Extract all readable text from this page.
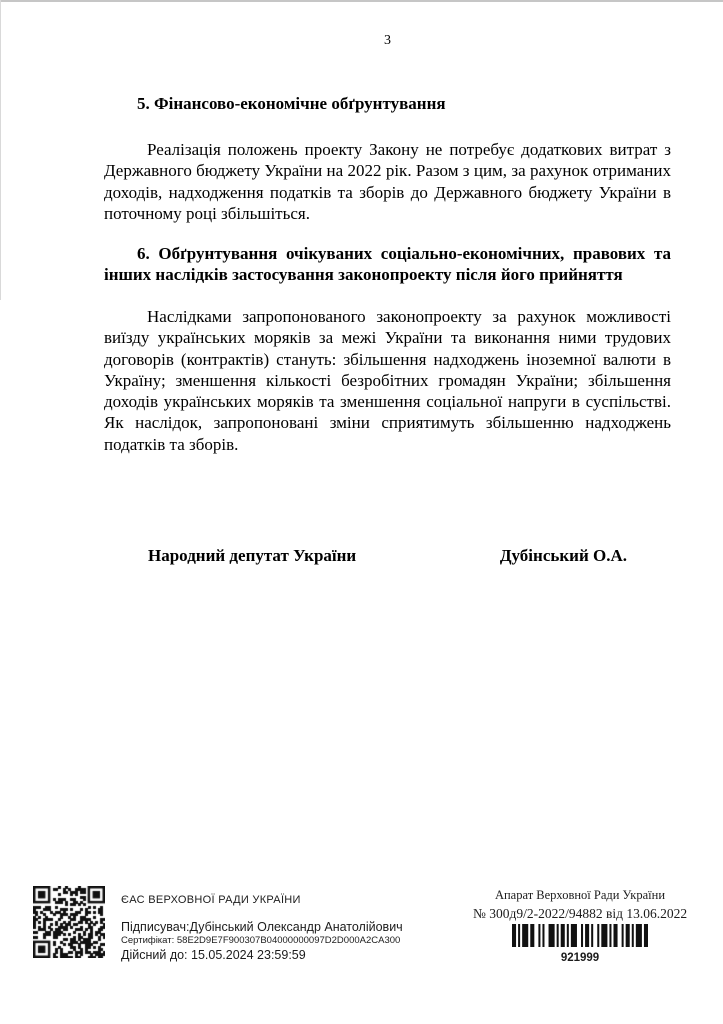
3
5. Фінансово-економічне обґрунтування
Реалізація положень проекту Закону не потребує додаткових витрат з Державного бюджету України на 2022 рік. Разом з цим, за рахунок отриманих доходів, надходження податків та зборів до Державного бюджету України в поточному році збільшіться.
6. Обґрунтування очікуваних соціально-економічних, правових та інших наслідків застосування законопроекту після його прийняття
Наслідками запропонованого законопроекту за рахунок можливості виїзду українських моряків за межі України та виконання ними трудових договорів (контрактів) стануть: збільшення надходжень іноземної валюти в Україну; зменшення кількості безробітних громадян України; збільшення доходів українських моряків та зменшення соціальної напруги в суспільстві. Як наслідок, запропоновані зміни сприятимуть збільшенню надходжень податків та зборів.
Народний депутат України	Дубінський О.А.
ЄАС ВЕРХОВНОЇ РАДИ УКРАЇНИ
Підписувач:Дубінський Олександр Анатолійович
Сертифікат: 58E2D9E7F900307B04000000097D2D000A2CA300
Дійсний до: 15.05.2024 23:59:59
Апарат Верховної Ради України
№ 300д9/2-2022/94882 від 13.06.2022
921999
